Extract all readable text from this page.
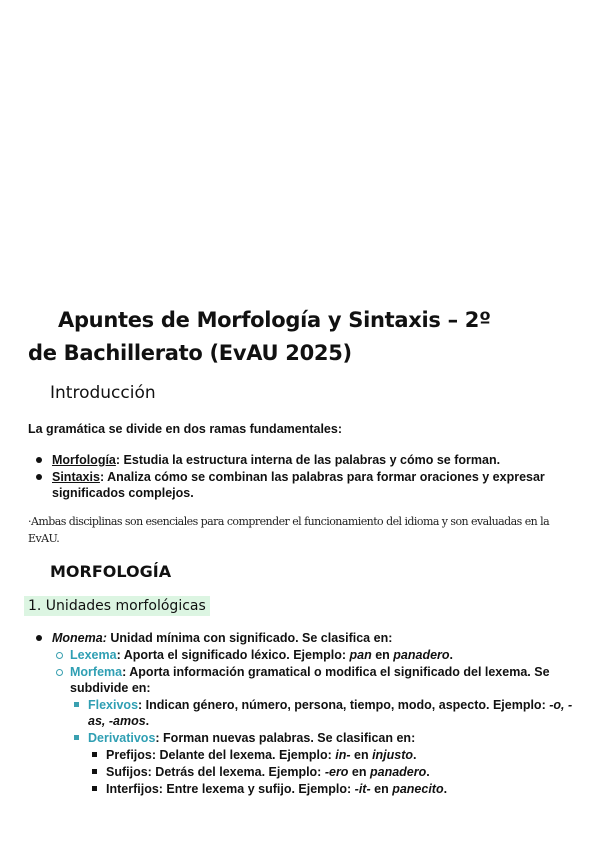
Apuntes de Morfología y Sintaxis – 2º
de Bachillerato (EvAU 2025)
Introducción
La gramática se divide en dos ramas fundamentales:
Morfología: Estudia la estructura interna de las palabras y cómo se forman.
Sintaxis: Analiza cómo se combinan las palabras para formar oraciones y expresar significados complejos.
·Ambas disciplinas son esenciales para comprender el funcionamiento del idioma y son evaluadas en la EvAU.
MORFOLOGÍA
1. Unidades morfológicas
Monema: Unidad mínima con significado. Se clasifica en:
Lexema: Aporta el significado léxico. Ejemplo: pan en panadero.
Morfema: Aporta información gramatical o modifica el significado del lexema. Se subdivide en:
Flexivos: Indican género, número, persona, tiempo, modo, aspecto. Ejemplo: -o, -as, -amos.
Derivativos: Forman nuevas palabras. Se clasifican en:
Prefijos: Delante del lexema. Ejemplo: in- en injusto.
Sufijos: Detrás del lexema. Ejemplo: -ero en panadero.
Interfijos: Entre lexema y sufijo. Ejemplo: -it- en panecito.
